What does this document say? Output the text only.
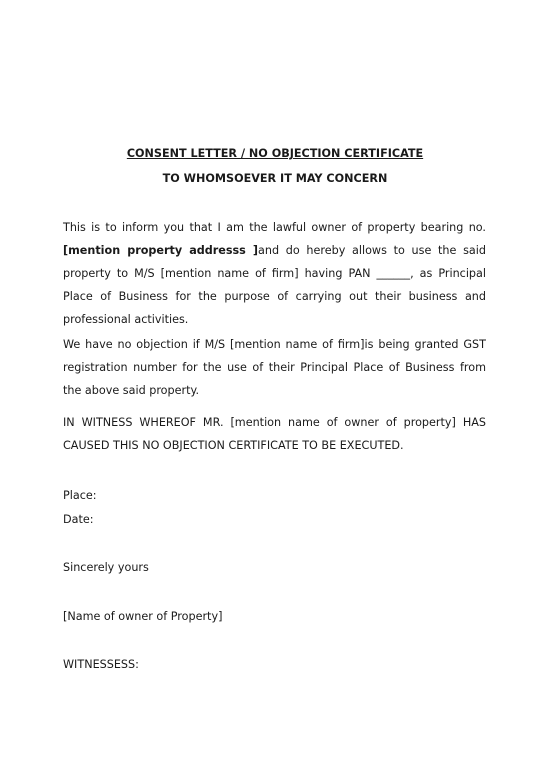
CONSENT LETTER / NO OBJECTION CERTIFICATE
TO WHOMSOEVER IT MAY CONCERN

This is to inform you that I am the lawful owner of property bearing no. [mention property addresss ]and do hereby allows to use the said property to M/S [mention name of firm] having PAN ______, as Principal Place of Business for the purpose of carrying out their business and professional activities.

We have no objection if M/S [mention name of firm]is being granted GST registration number for the use of their Principal Place of Business from the above said property.

IN WITNESS WHEREOF MR. [mention name of owner of property] HAS CAUSED THIS NO OBJECTION CERTIFICATE TO BE EXECUTED.

Place:
Date:
Sincerely yours
[Name of owner of Property]
WITNESSESS:
